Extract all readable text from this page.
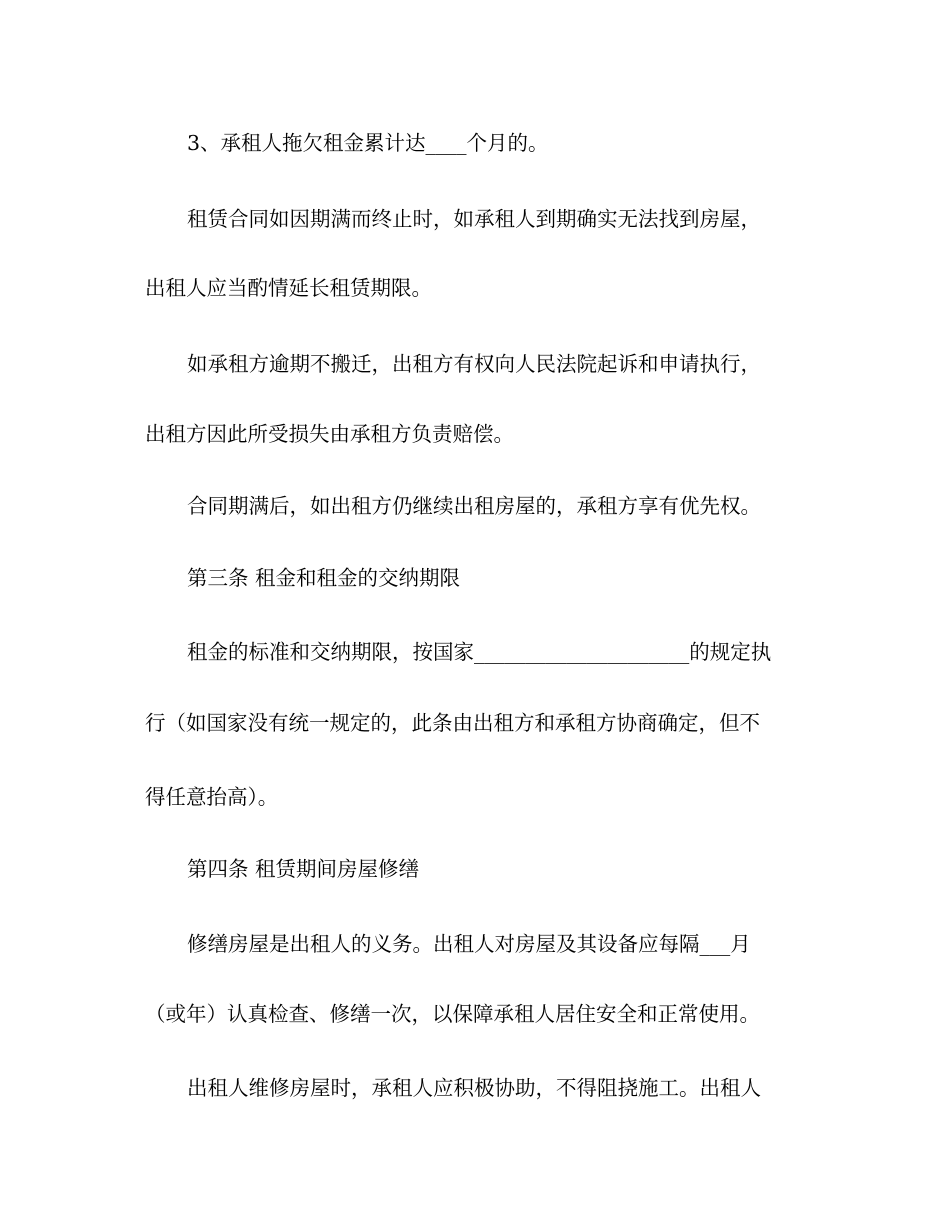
3、承租人拖欠租金累计达____个月的。
租赁合同如因期满而终止时，如承租人到期确实无法找到房屋，
出租人应当酌情延长租赁期限。
如承租方逾期不搬迁，出租方有权向人民法院起诉和申请执行，
出租方因此所受损失由承租方负责赔偿。
合同期满后，如出租方仍继续出租房屋的，承租方享有优先权。
第三条 租金和租金的交纳期限
租金的标准和交纳期限，按国家_____________________的规定执
行（如国家没有统一规定的，此条由出租方和承租方协商确定，但不
得任意抬高）。
第四条 租赁期间房屋修缮
修缮房屋是出租人的义务。出租人对房屋及其设备应每隔___月
（或年）认真检查、修缮一次，以保障承租人居住安全和正常使用。
出租人维修房屋时，承租人应积极协助，不得阻挠施工。出租人
